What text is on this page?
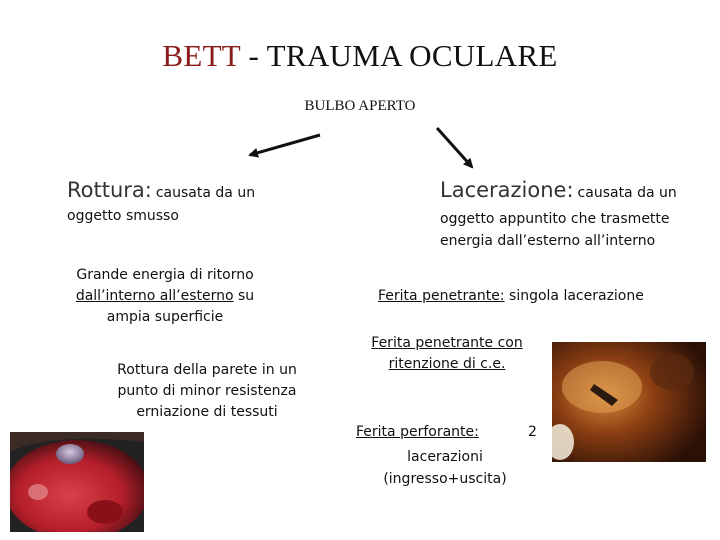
BETT - TRAUMA OCULARE
BULBO APERTO
Rottura: causata da un
oggetto smusso
Grande energia di ritorno
dall’interno all’esterno su
ampia superficie
Rottura della parete in un
punto di minor resistenza
erniazione di tessuti
Lacerazione: causata da un
oggetto appuntito che trasmette
energia dall’esterno all’interno
Ferita penetrante: singola lacerazione
Ferita penetrante con
ritenzione di c.e.
Ferita perforante:
lacerazioni
(ingresso+uscita)
2
